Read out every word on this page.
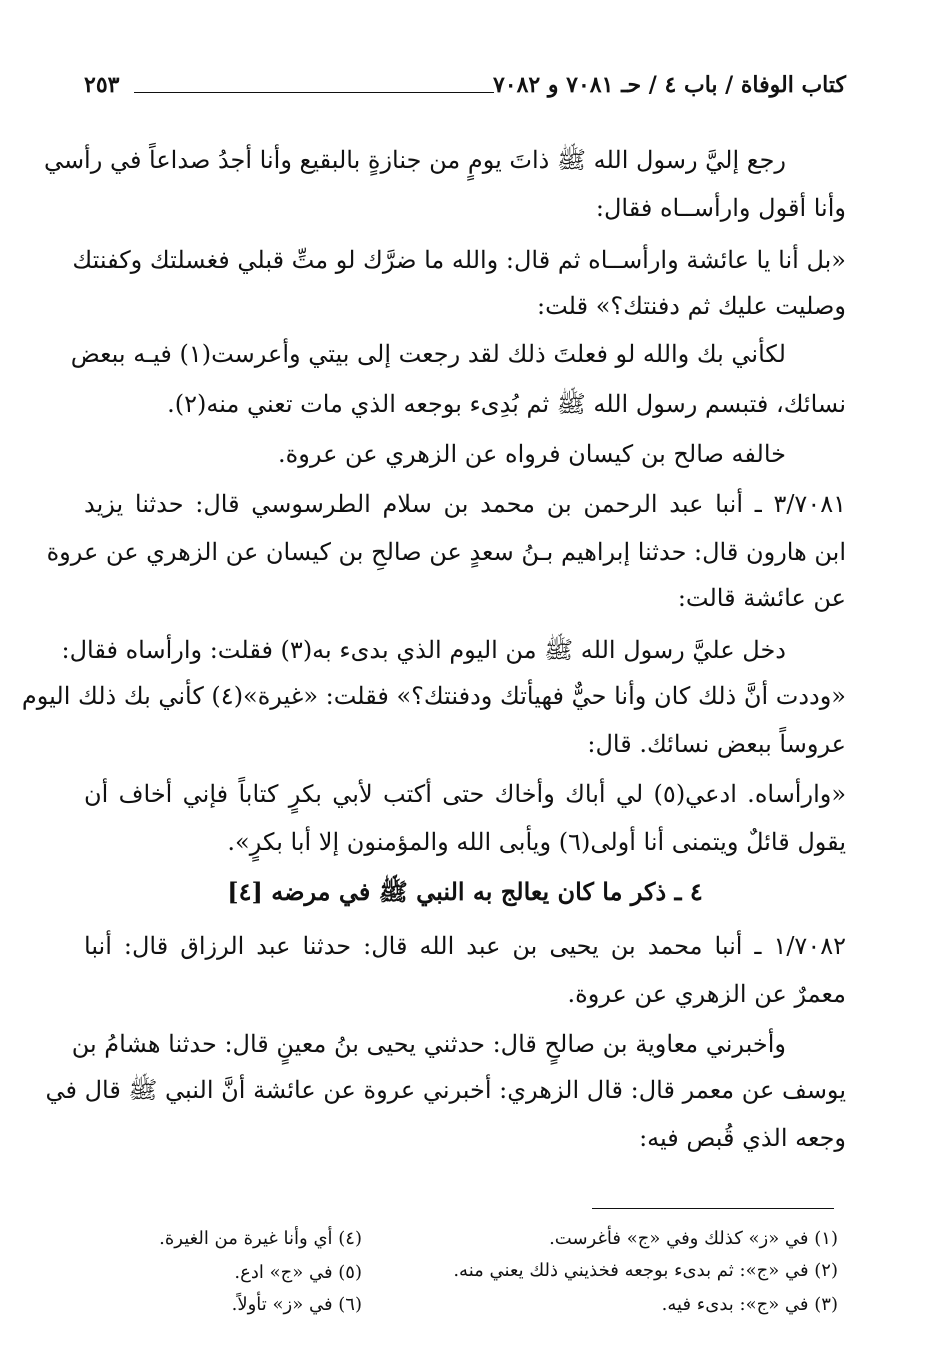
كتاب الوفاة / باب ٤ / حـ ٧٠٨١ و ٧٠٨٢
٢٥٣
رجع إليَّ رسول الله ﷺ ذاتَ يومٍ من جنازةٍ بالبقيع وأنا أجدُ صداعاً في رأسي
وأنا أقول وارأســاه فقال:
«بل أنا يا عائشة وارأســاه ثم قال: والله ما ضرَّك لو متِّ قبلي فغسلتك وكفنتك
وصليت عليك ثم دفنتك؟» قلت:
لكأني بك والله لو فعلتَ ذلك لقد رجعت إلى بيتي وأعرست(١) فيـه ببعض
نسائك، فتبسم رسول الله ﷺ ثم بُدِىء بوجعه الذي مات تعني منه(٢).
خالفه صالح بن كيسان فرواه عن الزهري عن عروة.
٣/٧٠٨١ ـ أنبا عبد الرحمن بن محمد بن سلام الطرسوسي قال: حدثنا يزيد
ابن هارون قال: حدثنا إبراهيم بـنُ سعدٍ عن صالحِ بن كيسان عن الزهري عن عروة
عن عائشة قالت:
دخل عليَّ رسول الله ﷺ من اليوم الذي بدىء به(٣) فقلت: وارأساه فقال:
«وددت أنَّ ذلك كان وأنا حيٌّ فهيأتك ودفنتك؟» فقلت: «غيرة»(٤) كأني بك ذلك اليوم
عروساً ببعض نسائك. قال:
«وارأساه. ادعي(٥) لي أباك وأخاك حتى أكتب لأبي بكرٍ كتاباً فإني أخاف أن
يقول قائلٌ ويتمنى أنا أولى(٦) ويأبى الله والمؤمنون إلا أبا بكرٍ».
٤ ـ ذكر ما كان يعالج به النبي ﷺ في مرضه [٤]
١/٧٠٨٢ ـ أنبا محمد بن يحيى بن عبد الله قال: حدثنا عبد الرزاق قال: أنبا
معمرٌ عن الزهري عن عروة.
وأخبرني معاوية بن صالحٍ قال: حدثني يحيى بنُ معينٍ قال: حدثنا هشامُ بن
يوسف عن معمر قال: قال الزهري: أخبرني عروة عن عائشة أنَّ النبي ﷺ قال في
وجعه الذي قُبص فيه:
(١) في «ز» كذلك وفي «ج» فأغرست.
(٢) في «ج»: ثم بدىء بوجعه فخذيني ذلك يعني منه.
(٣) في «ج»: بدىء فيه.
(٤) أي وأنا غيرة من الغيرة.
(٥) في «ج» ادع.
(٦) في «ز» تأولاً.
